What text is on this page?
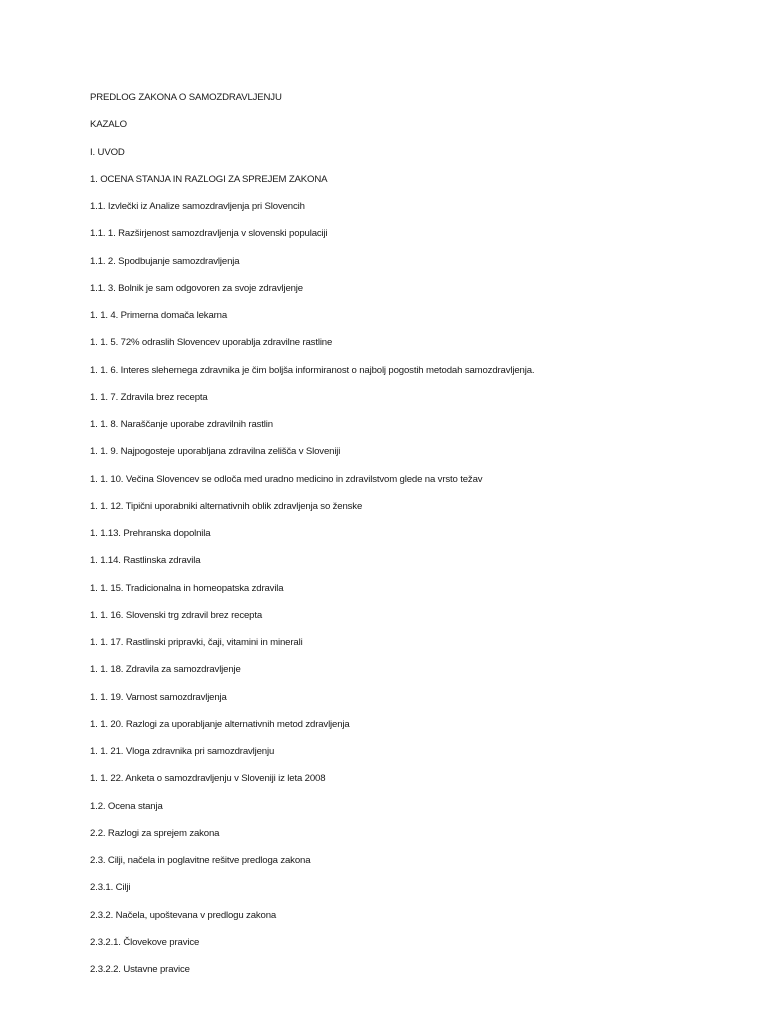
PREDLOG ZAKONA O SAMOZDRAVLJENJU
KAZALO
I. UVOD
1. OCENA STANJA IN RAZLOGI ZA SPREJEM ZAKONA
1.1. Izvlečki iz Analize samozdravljenja pri Slovencih
1.1. 1. Razširjenost samozdravljenja v slovenski populaciji
1.1. 2. Spodbujanje samozdravljenja
1.1. 3. Bolnik je sam odgovoren za svoje zdravljenje
1. 1. 4. Primerna domača lekarna
1. 1. 5. 72% odraslih Slovencev uporablja zdravilne rastline
1. 1. 6. Interes slehernega zdravnika je čim boljša informiranost o najbolj pogostih metodah samozdravljenja.
1. 1. 7. Zdravila brez recepta
1. 1. 8. Naraščanje uporabe zdravilnih rastlin
1. 1. 9. Najpogosteje uporabljana zdravilna zelišča v Sloveniji
1. 1. 10. Večina Slovencev se odloča med uradno medicino in zdravilstvom glede na vrsto težav
1. 1. 12. Tipični uporabniki alternativnih oblik zdravljenja so ženske
1. 1.13. Prehranska dopolnila
1. 1.14. Rastlinska zdravila
1. 1. 15. Tradicionalna in homeopatska zdravila
1. 1. 16. Slovenski trg zdravil brez recepta
1. 1. 17. Rastlinski pripravki, čaji, vitamini in minerali
1. 1. 18. Zdravila za samozdravljenje
1. 1. 19. Varnost samozdravljenja
1. 1. 20. Razlogi za uporabljanje alternativnih metod zdravljenja
1. 1. 21. Vloga zdravnika pri samozdravljenju
1. 1. 22. Anketa o samozdravljenju v Sloveniji iz leta 2008
1.2. Ocena stanja
2.2. Razlogi za sprejem zakona
2.3. Cilji, načela in poglavitne rešitve predloga zakona
2.3.1. Cilji
2.3.2. Načela, upoštevana v predlogu zakona
2.3.2.1. Človekove pravice
2.3.2.2. Ustavne pravice
